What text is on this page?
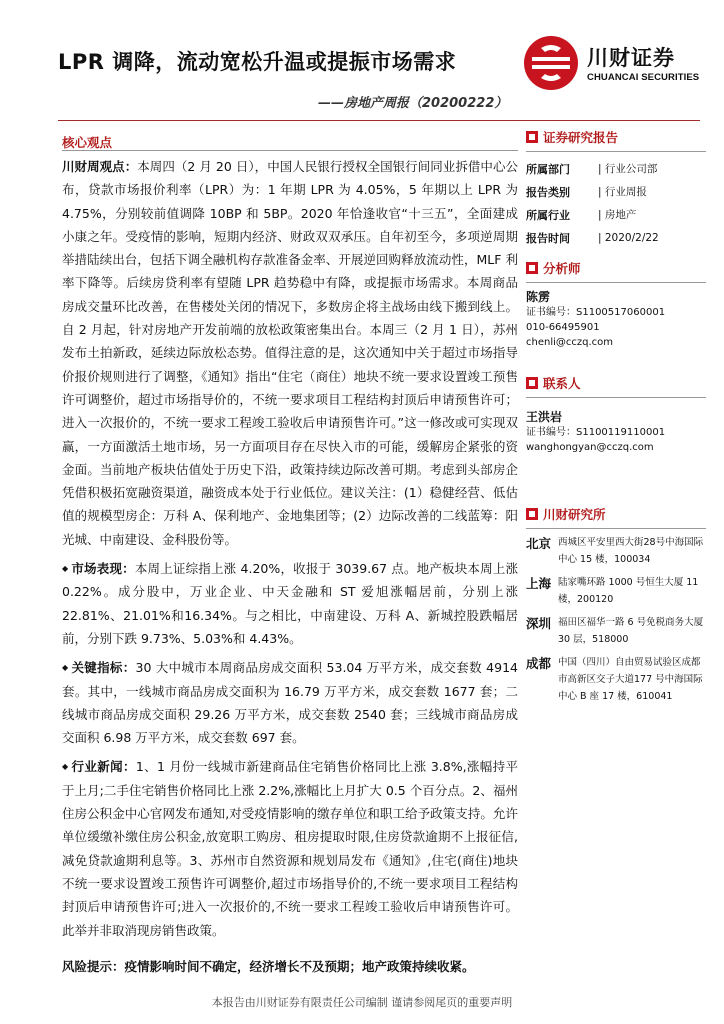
LPR 调降，流动宽松升温或提振市场需求
——房地产周报（20200222）
川财证券
CHUANCAI SECURITIES
核心观点

川财周观点：本周四（2 月 20 日），中国人民银行授权全国银行间同业拆借中心公布，贷款市场报价利率（LPR）为：1 年期 LPR 为 4.05%，5 年期以上 LPR 为 4.75%，分别较前值调降 10BP 和 5BP。2020 年恰逢收官“十三五”，全面建成小康之年。受疫情的影响，短期内经济、财政双双承压。自年初至今，多项逆周期举措陆续出台，包括下调全融机构存款准备金率、开展逆回购释放流动性，MLF 利率下降等。后续房贷利率有望随 LPR 趋势稳中有降，或提振市场需求。本周商品房成交量环比改善，在售楼处关闭的情况下，多数房企将主战场由线下搬到线上。自 2 月起，针对房地产开发前端的放松政策密集出台。本周三（2 月 1 日），苏州发布土拍新政，延续边际放松态势。值得注意的是，这次通知中关于超过市场指导价报价规则进行了调整，《通知》指出“住宅（商住）地块不统一要求设置竣工预售许可调整价，超过市场指导价的，不统一要求项目工程结构封顶后申请预售许可；进入一次报价的，不统一要求工程竣工验收后申请预售许可。”这一修改或可实现双赢，一方面激活土地市场，另一方面项目存在尽快入市的可能，缓解房企紧张的资金面。当前地产板块估值处于历史下沿，政策持续边际改善可期。考虑到头部房企凭借积极拓宽融资渠道，融资成本处于行业低位。建议关注：(1）稳健经营、低估值的规模型房企：万科 A、保利地产、金地集团等；(2）边际改善的二线蓝筹：阳光城、中南建设、金科股份等。

◆ 市场表现：本周上证综指上涨 4.20%，收报于 3039.67 点。地产板块本周上涨 0.22%。成分股中，万业企业、中天金融和 ST 爱旭涨幅居前，分别上涨 22.81%、21.01%和16.34%。与之相比，中南建设、万科 A、新城控股跌幅居前，分别下跌 9.73%、5.03%和 4.43%。

◆ 关键指标：30 大中城市本周商品房成交面积 53.04 万平方米，成交套数 4914 套。其中，一线城市商品房成交面积为 16.79 万平方米，成交套数 1677 套；二线城市商品房成交面积 29.26 万平方米，成交套数 2540 套；三线城市商品房成交面积 6.98 万平方米，成交套数 697 套。

◆ 行业新闻：1、1 月份一线城市新建商品住宅销售价格同比上涨 3.8%,涨幅持平于上月;二手住宅销售价格同比上涨 2.2%,涨幅比上月扩大 0.5 个百分点。2、福州住房公积金中心官网发布通知,对受疫情影响的缴存单位和职工给予政策支持。允许单位缓缴补缴住房公积金,放宽职工购房、租房提取时限,住房贷款逾期不上报征信,减免贷款逾期利息等。3、苏州市自然资源和规划局发布《通知》,住宅(商住)地块不统一要求设置竣工预售许可调整价,超过市场指导价的,不统一要求项目工程结构封顶后申请预售许可;进入一次报价的,不统一要求工程竣工验收后申请预售许可。此举并非取消现房销售政策。

风险提示：疫情影响时间不确定，经济增长不及预期；地产政策持续收紧。
证券研究报告
所属部门	| 行业公司部
报告类别	| 行业周报
所属行业	| 房地产
报告时间	| 2020/2/22
分析师
陈雳
证书编号：S1100517060001
010-66495901
chenli@cczq.com
联系人
王洪岩
证书编号：S1100119110001
wanghongyan@cczq.com
川财研究所
北京 西城区平安里西大街28号中海国际中心 15 楼，100034
上海 陆家嘴环路 1000 号恒生大厦 11 楼，200120
深圳 福田区福华一路 6 号免税商务大厦 30 层，518000
成都 中国（四川）自由贸易试验区成都市高新区交子大道177 号中海国际中心 B 座 17 楼，610041
本报告由川财证券有限责任公司编制 谨请参阅尾页的重要声明
